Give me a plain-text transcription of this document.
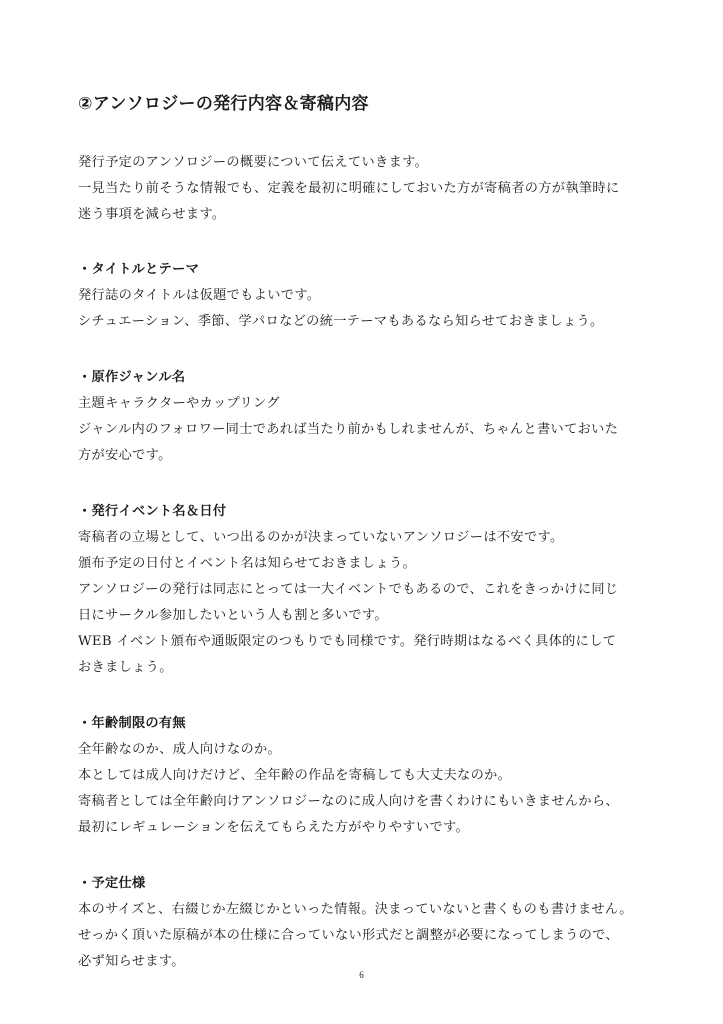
②アンソロジーの発行内容＆寄稿内容
発行予定のアンソロジーの概要について伝えていきます。
一見当たり前そうな情報でも、定義を最初に明確にしておいた方が寄稿者の方が執筆時に
迷う事項を減らせます。
・タイトルとテーマ
発行誌のタイトルは仮題でもよいです。
シチュエーション、季節、学パロなどの統一テーマもあるなら知らせておきましょう。
・原作ジャンル名
主題キャラクターやカップリング
ジャンル内のフォロワー同士であれば当たり前かもしれませんが、ちゃんと書いておいた
方が安心です。
・発行イベント名＆日付
寄稿者の立場として、いつ出るのかが決まっていないアンソロジーは不安です。
頒布予定の日付とイベント名は知らせておきましょう。
アンソロジーの発行は同志にとっては一大イベントでもあるので、これをきっかけに同じ
日にサークル参加したいという人も割と多いです。
WEB イベント頒布や通販限定のつもりでも同様です。発行時期はなるべく具体的にして
おきましょう。
・年齢制限の有無
全年齢なのか、成人向けなのか。
本としては成人向けだけど、全年齢の作品を寄稿しても大丈夫なのか。
寄稿者としては全年齢向けアンソロジーなのに成人向けを書くわけにもいきませんから、
最初にレギュレーションを伝えてもらえた方がやりやすいです。
・予定仕様
本のサイズと、右綴じか左綴じかといった情報。決まっていないと書くものも書けません。
せっかく頂いた原稿が本の仕様に合っていない形式だと調整が必要になってしまうので、
必ず知らせます。
6
